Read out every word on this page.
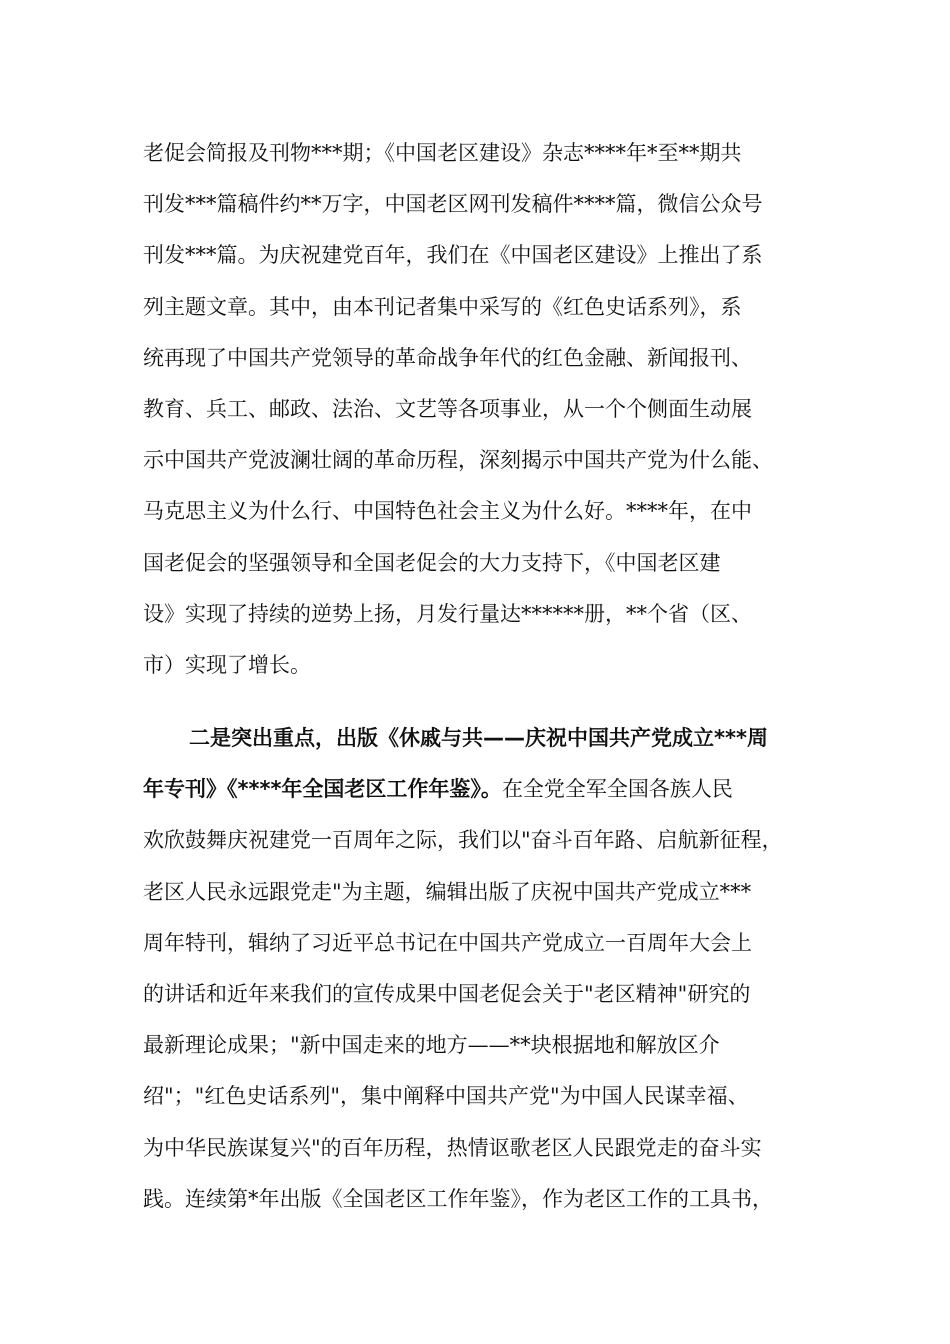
老促会简报及刊物***期；《中国老区建设》杂志****年*至**期共
刊发***篇稿件约**万字，中国老区网刊发稿件****篇，微信公众号
刊发***篇。为庆祝建党百年，我们在《中国老区建设》上推出了系
列主题文章。其中，由本刊记者集中采写的《红色史话系列》，系
统再现了中国共产党领导的革命战争年代的红色金融、新闻报刊、
教育、兵工、邮政、法治、文艺等各项事业，从一个个侧面生动展
示中国共产党波澜壮阔的革命历程，深刻揭示中国共产党为什么能、
马克思主义为什么行、中国特色社会主义为什么好。****年，在中
国老促会的坚强领导和全国老促会的大力支持下，《中国老区建
设》实现了持续的逆势上扬，月发行量达******册，**个省（区、
市）实现了增长。
二是突出重点，出版《休戚与共——庆祝中国共产党成立***周
年专刊》《****年全国老区工作年鉴》。在全党全军全国各族人民
欢欣鼓舞庆祝建党一百周年之际，我们以"奋斗百年路、启航新征程，
老区人民永远跟党走"为主题，编辑出版了庆祝中国共产党成立***
周年特刊，辑纳了习近平总书记在中国共产党成立一百周年大会上
的讲话和近年来我们的宣传成果中国老促会关于"老区精神"研究的
最新理论成果；"新中国走来的地方——**块根据地和解放区介
绍"；"红色史话系列"，集中阐释中国共产党"为中国人民谋幸福、
为中华民族谋复兴"的百年历程，热情讴歌老区人民跟党走的奋斗实
践。连续第*年出版《全国老区工作年鉴》，作为老区工作的工具书，
